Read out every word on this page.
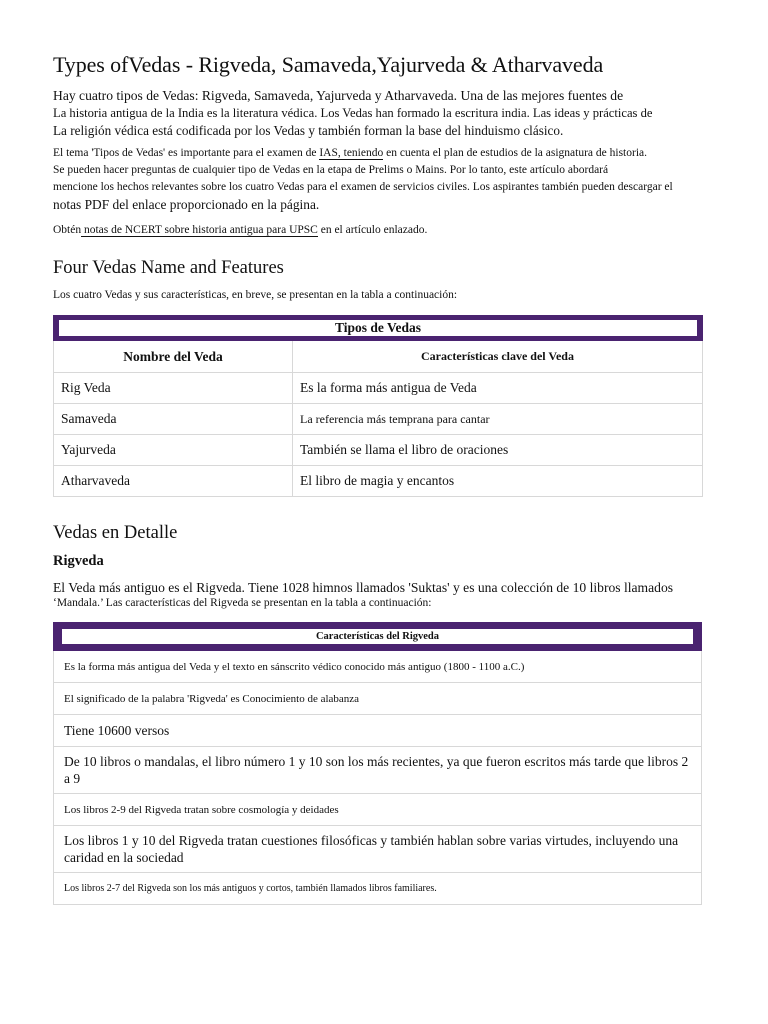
Types ofVedas - Rigveda, Samaveda,Yajurveda & Atharvaveda
Hay cuatro tipos de Vedas: Rigveda, Samaveda, Yajurveda y Atharvaveda. Una de las mejores fuentes de
La historia antigua de la India es la literatura védica. Los Vedas han formado la escritura india. Las ideas y prácticas de
La religión védica está codificada por los Vedas y también forman la base del hinduismo clásico.
El tema 'Tipos de Vedas' es importante para el examen de IAS, teniendo en cuenta el plan de estudios de la asignatura de historia.
Se pueden hacer preguntas de cualquier tipo de Vedas en la etapa de Prelims o Mains. Por lo tanto, este artículo abordará
mencione los hechos relevantes sobre los cuatro Vedas para el examen de servicios civiles. Los aspirantes también pueden descargar el
notas PDF del enlace proporcionado en la página.
Obtén notas de NCERT sobre historia antigua para UPSC en el artículo enlazado.
Four Vedas Name and Features
Los cuatro Vedas y sus características, en breve, se presentan en la tabla a continuación:
Tipos de Vedas	

Nombre del Veda	Características clave del Veda
Rig Veda	Es la forma más antigua de Veda
Samaveda	La referencia más temprana para cantar
Yajurveda	También se llama el libro de oraciones
Atharvaveda	El libro de magia y encantos
Vedas en Detalle
Rigveda
El Veda más antiguo es el Rigveda. Tiene 1028 himnos llamados 'Suktas' y es una colección de 10 libros llamados
‘Mandala.’ Las características del Rigveda se presentan en la tabla a continuación:
Características del Rigveda

Es la forma más antigua del Veda y el texto en sánscrito védico conocido más antiguo (1800 - 1100 a.C.)
El significado de la palabra 'Rigveda' es Conocimiento de alabanza
Tiene 10600 versos
De 10 libros o mandalas, el libro número 1 y 10 son los más recientes, ya que fueron escritos más tarde que libros 2 a 9
Los libros 2-9 del Rigveda tratan sobre cosmología y deidades
Los libros 1 y 10 del Rigveda tratan cuestiones filosóficas y también hablan sobre varias virtudes, incluyendo una caridad en la sociedad
Los libros 2-7 del Rigveda son los más antiguos y cortos, también llamados libros familiares.
